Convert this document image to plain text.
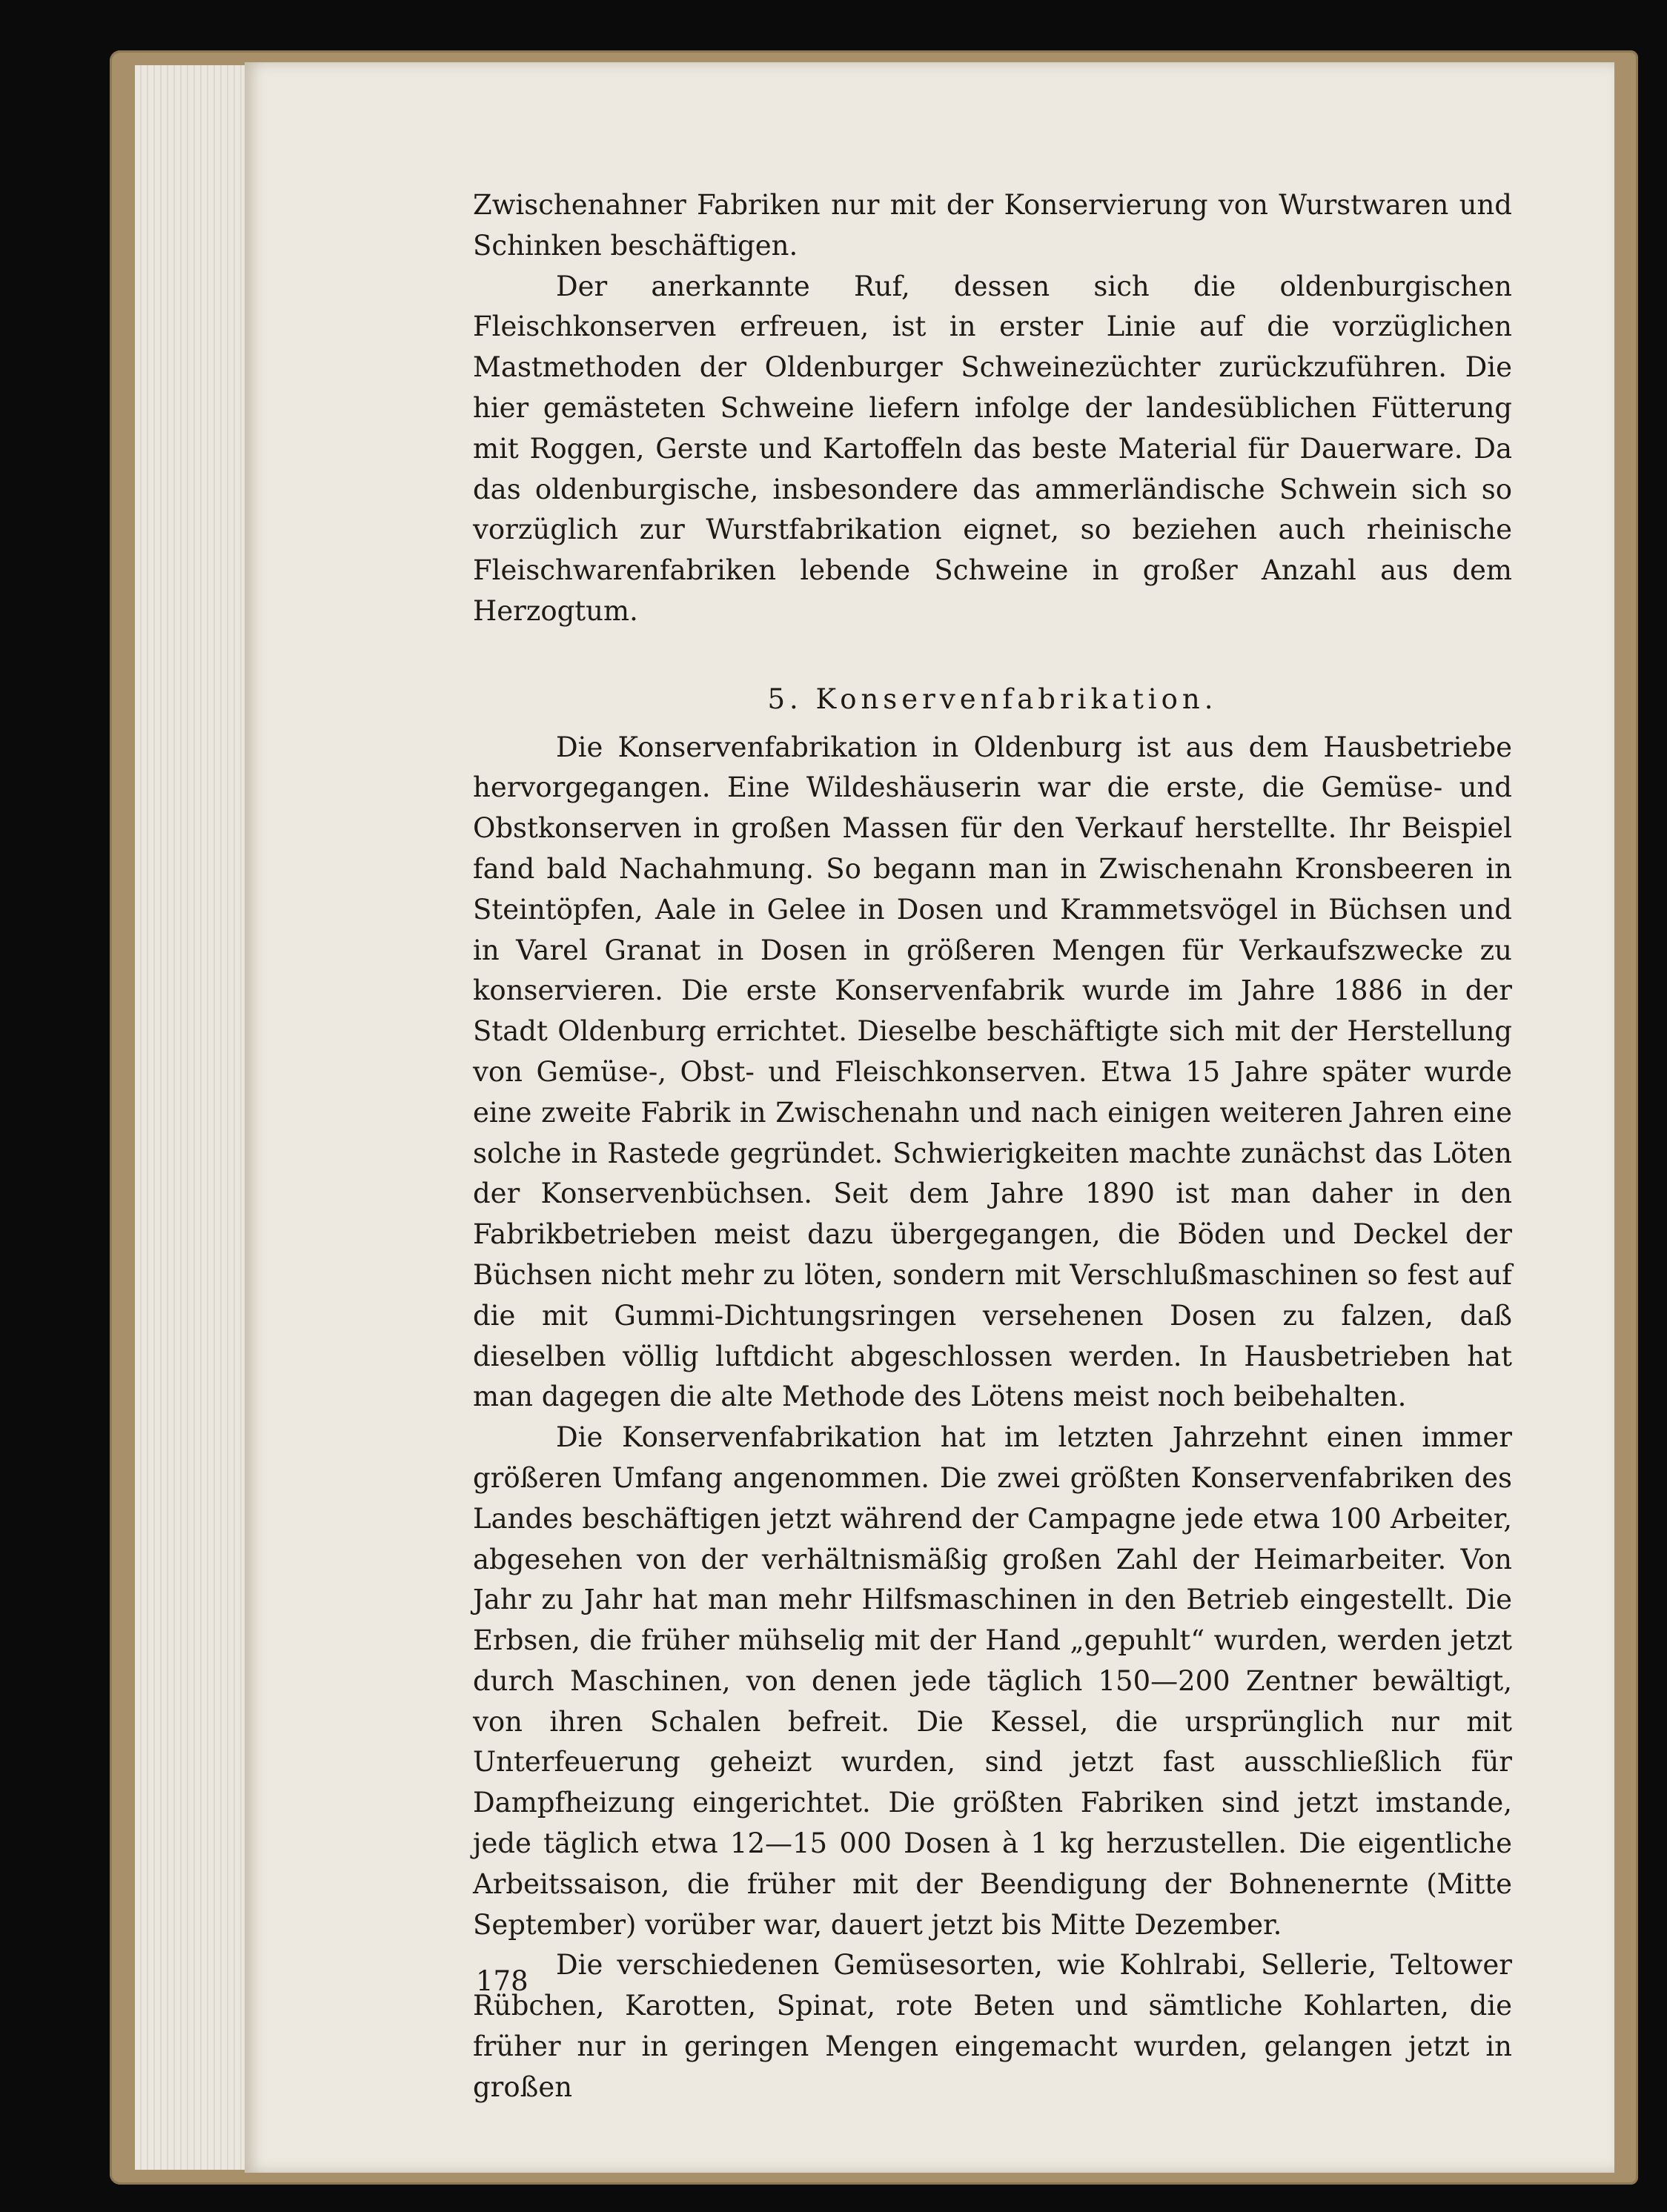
Zwischenahner Fabriken nur mit der Konservierung von Wurstwaren und Schinken beschäftigen.

Der anerkannte Ruf, dessen sich die oldenburgischen Fleischkonserven erfreuen, ist in erster Linie auf die vorzüglichen Mastmethoden der Oldenburger Schweinezüchter zurückzuführen. Die hier gemästeten Schweine liefern infolge der landesüblichen Fütterung mit Roggen, Gerste und Kartoffeln das beste Material für Dauerware. Da das oldenburgische, insbesondere das ammerländische Schwein sich so vorzüglich zur Wurstfabrikation eignet, so beziehen auch rheinische Fleischwarenfabriken lebende Schweine in großer Anzahl aus dem Herzogtum.

5. Konservenfabrikation.

Die Konservenfabrikation in Oldenburg ist aus dem Hausbetriebe hervorgegangen. Eine Wildeshäuserin war die erste, die Gemüse- und Obstkonserven in großen Massen für den Verkauf herstellte. Ihr Beispiel fand bald Nachahmung. So begann man in Zwischenahn Kronsbeeren in Steintöpfen, Aale in Gelee in Dosen und Krammetsvögel in Büchsen und in Varel Granat in Dosen in größeren Mengen für Verkaufszwecke zu konservieren. Die erste Konservenfabrik wurde im Jahre 1886 in der Stadt Oldenburg errichtet. Dieselbe beschäftigte sich mit der Herstellung von Gemüse-, Obst- und Fleischkonserven. Etwa 15 Jahre später wurde eine zweite Fabrik in Zwischenahn und nach einigen weiteren Jahren eine solche in Rastede gegründet. Schwierigkeiten machte zunächst das Löten der Konservenbüchsen. Seit dem Jahre 1890 ist man daher in den Fabrikbetrieben meist dazu übergegangen, die Böden und Deckel der Büchsen nicht mehr zu löten, sondern mit Verschlußmaschinen so fest auf die mit Gummi-Dichtungsringen versehenen Dosen zu falzen, daß dieselben völlig luftdicht abgeschlossen werden. In Hausbetrieben hat man dagegen die alte Methode des Lötens meist noch beibehalten.

Die Konservenfabrikation hat im letzten Jahrzehnt einen immer größeren Umfang angenommen. Die zwei größten Konservenfabriken des Landes beschäftigen jetzt während der Campagne jede etwa 100 Arbeiter, abgesehen von der verhältnismäßig großen Zahl der Heimarbeiter. Von Jahr zu Jahr hat man mehr Hilfsmaschinen in den Betrieb eingestellt. Die Erbsen, die früher mühselig mit der Hand „gepuhlt“ wurden, werden jetzt durch Maschinen, von denen jede täglich 150—200 Zentner bewältigt, von ihren Schalen befreit. Die Kessel, die ursprünglich nur mit Unterfeuerung geheizt wurden, sind jetzt fast ausschließlich für Dampfheizung eingerichtet. Die größten Fabriken sind jetzt imstande, jede täglich etwa 12—15 000 Dosen à 1 kg herzustellen. Die eigentliche Arbeitssaison, die früher mit der Beendigung der Bohnenernte (Mitte September) vorüber war, dauert jetzt bis Mitte Dezember.

Die verschiedenen Gemüsesorten, wie Kohlrabi, Sellerie, Teltower Rübchen, Karotten, Spinat, rote Beten und sämtliche Kohlarten, die früher nur in geringen Mengen eingemacht wurden, gelangen jetzt in großen

178
